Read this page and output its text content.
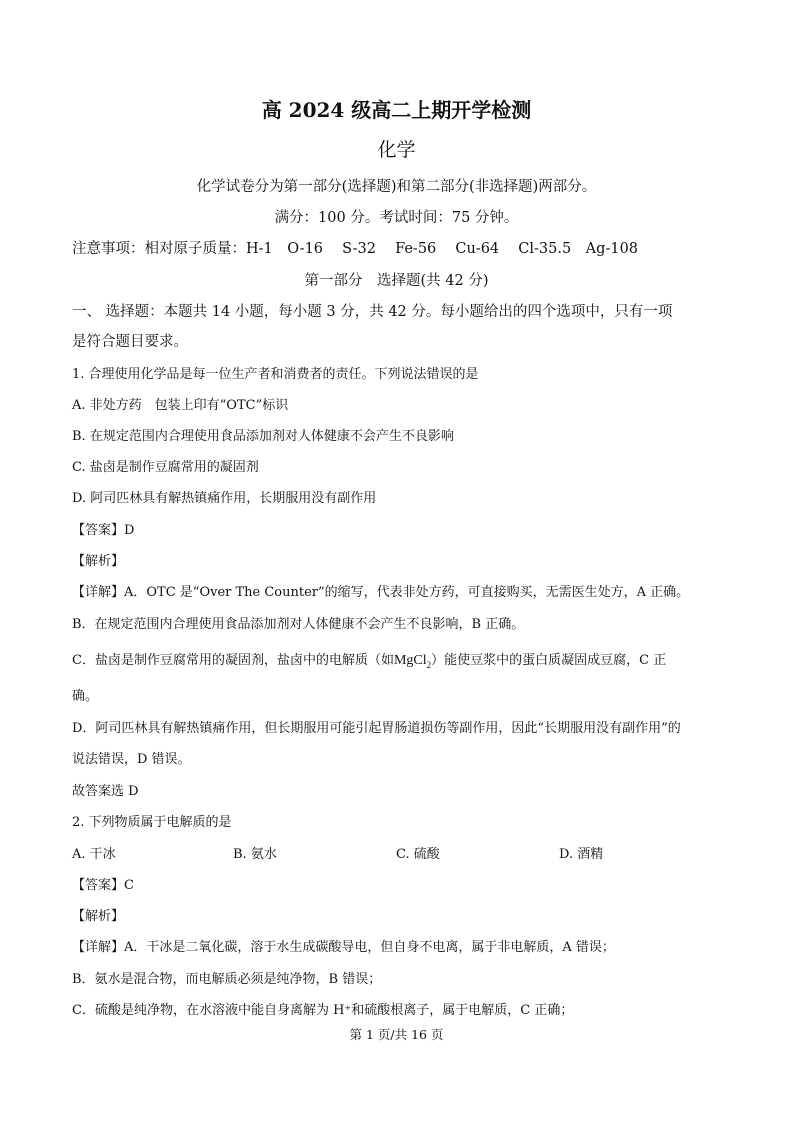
高 2024 级高二上期开学检测
化学
化学试卷分为第一部分(选择题)和第二部分(非选择题)两部分。
满分：100 分。考试时间：75 分钟。
注意事项：相对原子质量：H-1　O-16　 S-32　 Fe-56　 Cu-64　 Cl-35.5　Ag-108
第一部分　选择题(共 42 分)
一、 选择题：本题共 14 小题，每小题 3 分，共 42 分。每小题给出的四个选项中，只有一项
是符合题目要求。
1. 合理使用化学品是每一位生产者和消费者的责任。下列说法错误的是
A. 非处方药　包装上印有“OTC”标识
B. 在规定范围内合理使用食品添加剂对人体健康不会产生不良影响
C. 盐卤是制作豆腐常用的凝固剂
D. 阿司匹林具有解热镇痛作用，长期服用没有副作用
【答案】D
【解析】
【详解】A．OTC 是“Over The Counter”的缩写，代表非处方药，可直接购买，无需医生处方，A 正确。
B．在规定范围内合理使用食品添加剂对人体健康不会产生不良影响，B 正确。
C．盐卤是制作豆腐常用的凝固剂，盐卤中的电解质（如MgCl$_2$）能使豆浆中的蛋白质凝固成豆腐，C 正
确。
D．阿司匹林具有解热镇痛作用，但长期服用可能引起胃肠道损伤等副作用，因此“长期服用没有副作用”的
说法错误，D 错误。
故答案选 D
2. 下列物质属于电解质的是
A. 干冰	B. 氨水	C. 硫酸	D. 酒精
【答案】C
【解析】
【详解】A．干冰是二氧化碳，溶于水生成碳酸导电，但自身不电离，属于非电解质，A 错误；
B．氨水是混合物，而电解质必须是纯净物，B 错误；
C．硫酸是纯净物，在水溶液中能自身离解为 H⁺和硫酸根离子，属于电解质，C 正确；
第 1 页/共 16 页
